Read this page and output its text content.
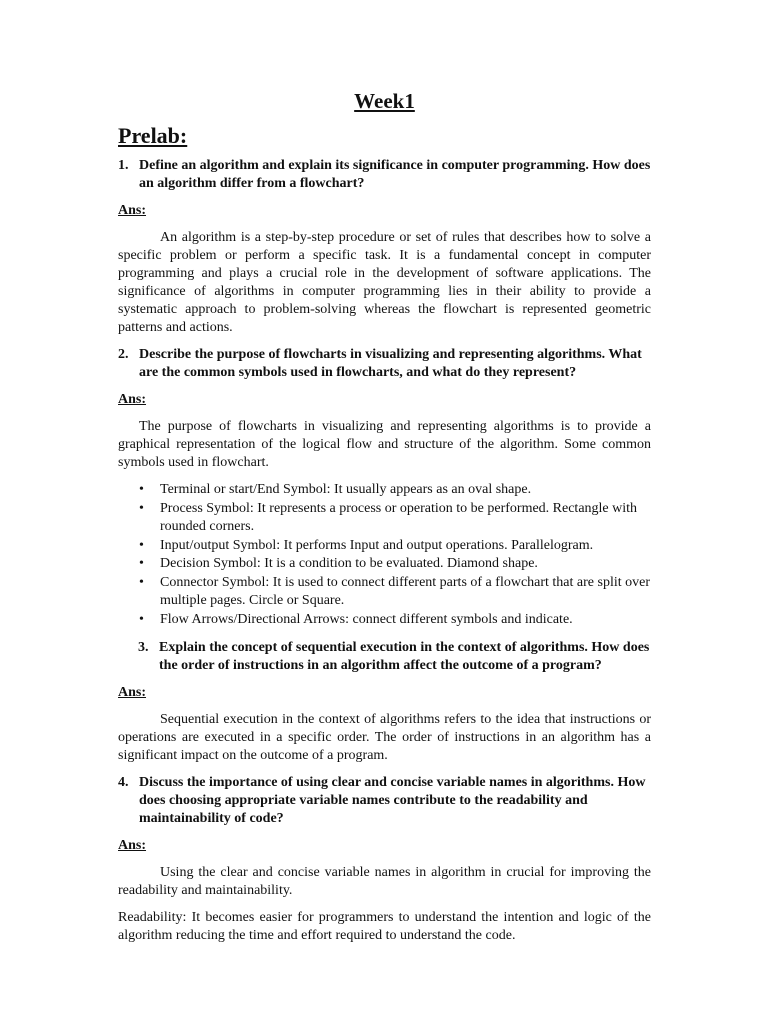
Week1
Prelab:
1. Define an algorithm and explain its significance in computer programming. How does an algorithm differ from a flowchart?
Ans:
An algorithm is a step-by-step procedure or set of rules that describes how to solve a specific problem or perform a specific task. It is a fundamental concept in computer programming and plays a crucial role in the development of software applications. The significance of algorithms in computer programming lies in their ability to provide a systematic approach to problem-solving whereas the flowchart is represented geometric patterns and actions.
2. Describe the purpose of flowcharts in visualizing and representing algorithms. What are the common symbols used in flowcharts, and what do they represent?
Ans:
The purpose of flowcharts in visualizing and representing algorithms is to provide a graphical representation of the logical flow and structure of the algorithm. Some common symbols used in flowchart.
• Terminal or start/End Symbol: It usually appears as an oval shape.
• Process Symbol: It represents a process or operation to be performed. Rectangle with rounded corners.
• Input/output Symbol: It performs Input and output operations. Parallelogram.
• Decision Symbol: It is a condition to be evaluated. Diamond shape.
• Connector Symbol: It is used to connect different parts of a flowchart that are split over multiple pages. Circle or Square.
• Flow Arrows/Directional Arrows: connect different symbols and indicate.
3. Explain the concept of sequential execution in the context of algorithms. How does the order of instructions in an algorithm affect the outcome of a program?
Ans:
Sequential execution in the context of algorithms refers to the idea that instructions or operations are executed in a specific order. The order of instructions in an algorithm has a significant impact on the outcome of a program.
4. Discuss the importance of using clear and concise variable names in algorithms. How does choosing appropriate variable names contribute to the readability and maintainability of code?
Ans:
Using the clear and concise variable names in algorithm in crucial for improving the readability and maintainability.
Readability: It becomes easier for programmers to understand the intention and logic of the algorithm reducing the time and effort required to understand the code.
